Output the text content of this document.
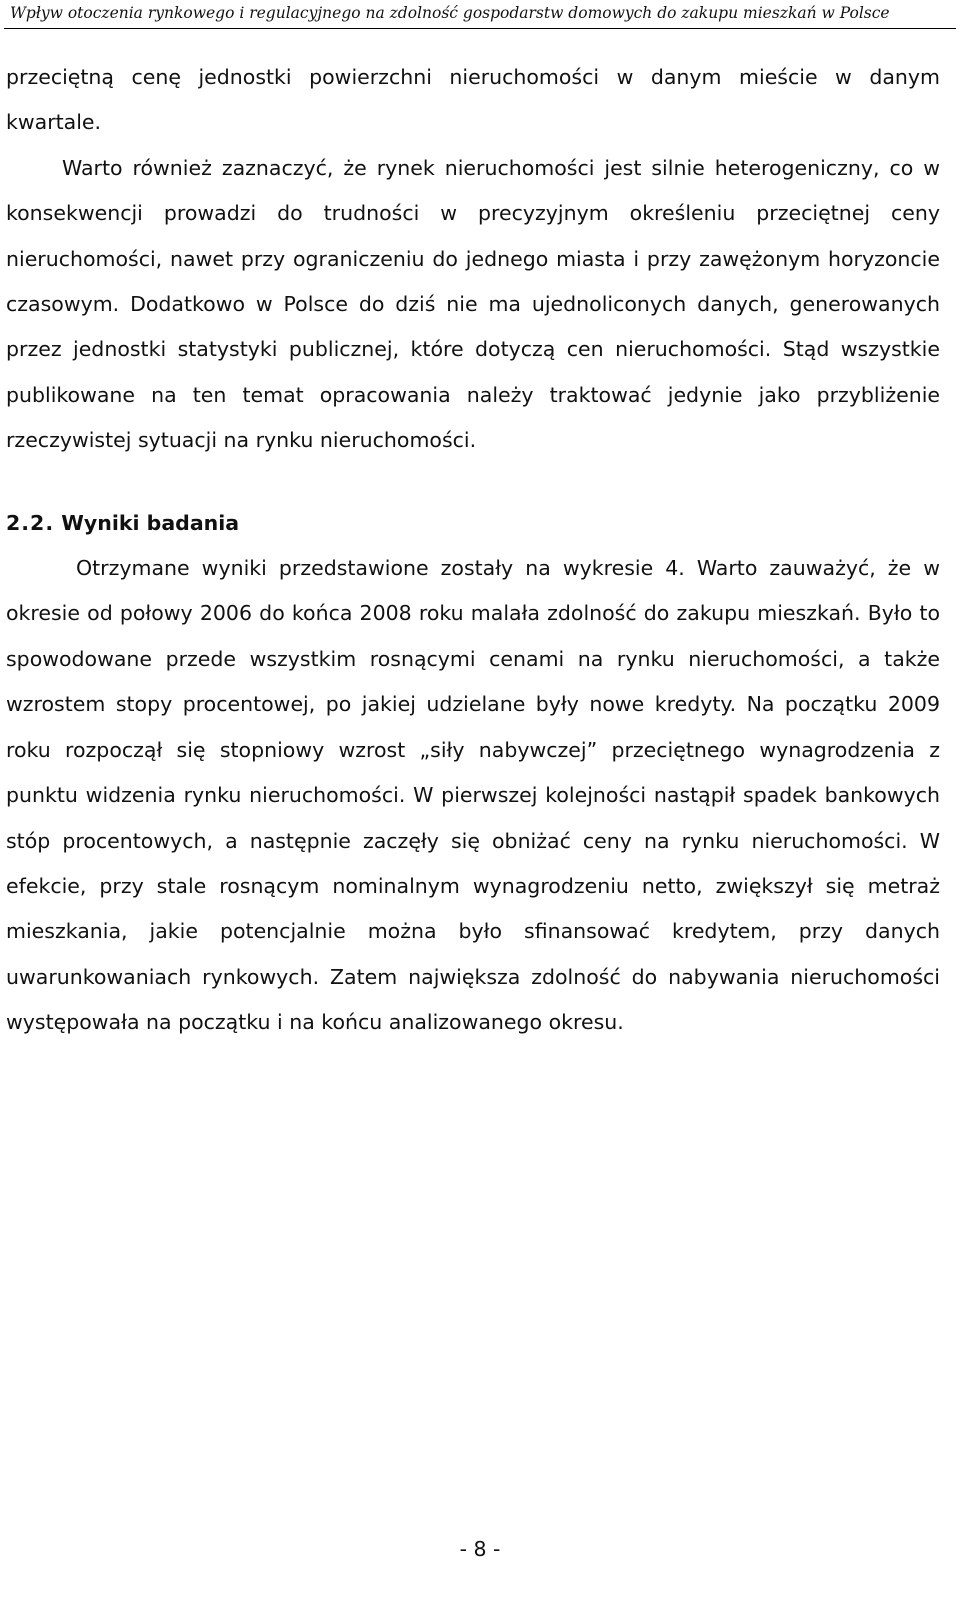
Wpływ otoczenia rynkowego i regulacyjnego na zdolność gospodarstw domowych do zakupu mieszkań w Polsce

przeciętną cenę jednostki powierzchni nieruchomości w danym mieście w danym kwartale.

Warto również zaznaczyć, że rynek nieruchomości jest silnie heterogeniczny, co w konsekwencji prowadzi do trudności w precyzyjnym określeniu przeciętnej ceny nieruchomości, nawet przy ograniczeniu do jednego miasta i przy zawężonym horyzoncie czasowym. Dodatkowo w Polsce do dziś nie ma ujednoliconych danych, generowanych przez jednostki statystyki publicznej, które dotyczą cen nieruchomości. Stąd wszystkie publikowane na ten temat opracowania należy traktować jedynie jako przybliżenie rzeczywistej sytuacji na rynku nieruchomości.

2.2. Wyniki badania

Otrzymane wyniki przedstawione zostały na wykresie 4. Warto zauważyć, że w okresie od połowy 2006 do końca 2008 roku malała zdolność do zakupu mieszkań. Było to spowodowane przede wszystkim rosnącymi cenami na rynku nieruchomości, a także wzrostem stopy procentowej, po jakiej udzielane były nowe kredyty. Na początku 2009 roku rozpoczął się stopniowy wzrost „siły nabywczej” przeciętnego wynagrodzenia z punktu widzenia rynku nieruchomości. W pierwszej kolejności nastąpił spadek bankowych stóp procentowych, a następnie zaczęły się obniżać ceny na rynku nieruchomości. W efekcie, przy stale rosnącym nominalnym wynagrodzeniu netto, zwiększył się metraż mieszkania, jakie potencjalnie można było sfinansować kredytem, przy danych uwarunkowaniach rynkowych. Zatem największa zdolność do nabywania nieruchomości występowała na początku i na końcu analizowanego okresu.

- 8 -
